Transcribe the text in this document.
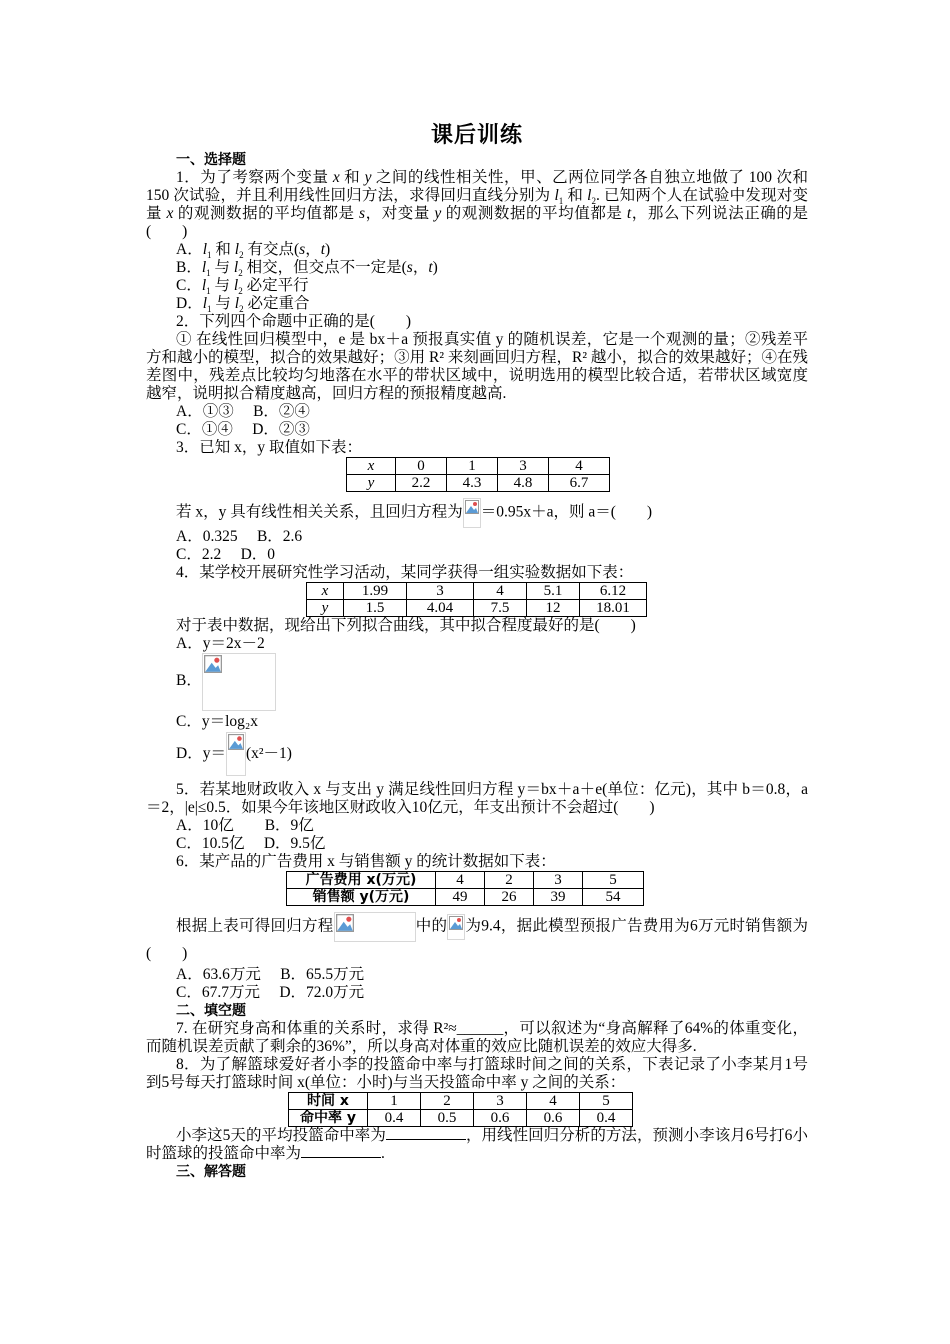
课后训练
一、选择题

1．为了考察两个变量 x 和 y 之间的线性相关性，甲、乙两位同学各自独立地做了 100 次和 150 次试验，并且利用线性回归方法，求得回归直线分别为 $l_1$ 和 $l_2$. 已知两个人在试验中发现对变量 x 的观测数据的平均值都是 s，对变量 y 的观测数据的平均值都是 t，那么下列说法正确的是(　　)

A．$l_1$ 和 $l_2$ 有交点(s，t)
B．$l_1$ 与 $l_2$ 相交，但交点不一定是(s，t)
C．$l_1$ 与 $l_2$ 必定平行
D．$l_1$ 与 $l_2$ 必定重合
2．下列四个命题中正确的是(　　)

① 在线性回归模型中，e 是 bx＋a 预报真实值 y 的随机误差，它是一个观测的量；②残差平方和越小的模型，拟合的效果越好；③用 R² 来刻画回归方程，R² 越小，拟合的效果越好；④在残差图中，残差点比较均匀地落在水平的带状区域中，说明选用的模型比较合适，若带状区域宽度越窄，说明拟合精度越高，回归方程的预报精度越高.

A．①③　 B．②④
C．①④　 D．②③
3．已知 x，y 取值如下表：
x	0	1	3	4
y	2.2	4.3	4.8	6.7
若 x，y 具有线性相关关系，且回归方程为 ＝0.95x＋a，则 a＝(　　)
A．0.325　 B．2.6
C．2.2　 D．0
4．某学校开展研究性学习活动，某同学获得一组实验数据如下表：
x	1.99	3	4	5.1	6.12
y	1.5	4.04	7.5	12	18.01
对于表中数据，现给出下列拟合曲线，其中拟合程度最好的是(　　)
A．y＝2x－2
B．
C．y＝log₂x
D．y＝ (x²－1)

5．若某地财政收入 x 与支出 y 满足线性回归方程 y＝bx＋a＋e(单位：亿元)，其中 b＝0.8，a＝2，|e|≤0.5．如果今年该地区财政收入10亿元，年支出预计不会超过(　　)

A．10亿　　B．9亿
C．10.5亿　 D．9.5亿
6．某产品的广告费用 x 与销售额 y 的统计数据如下表：
广告费用 x(万元)	4	2	3	5
销售额 y(万元)	49	26	39	54

根据上表可得回归方程	中的 为9.4，据此模型预报广告费用为6万元时销售额为(　　)

A．63.6万元　 B．65.5万元
C．67.7万元　 D．72.0万元
二、填空题

7. 在研究身高和体重的关系时，求得 R²≈______，可以叙述为“身高解释了64%的体重变化，而随机误差贡献了剩余的36%”，所以身高对体重的效应比随机误差的效应大得多.

8．为了解篮球爱好者小李的投篮命中率与打篮球时间之间的关系，下表记录了小李某月1号到5号每天打篮球时间 x(单位：小时)与当天投篮命中率 y 之间的关系：

时间 x	1	2	3	4	5
命中率 y	0.4	0.5	0.6	0.6	0.4

小李这5天的平均投篮命中率为	，用线性回归分析的方法，预测小李该月6号打6小时篮球的投篮命中率为	.

三、解答题
